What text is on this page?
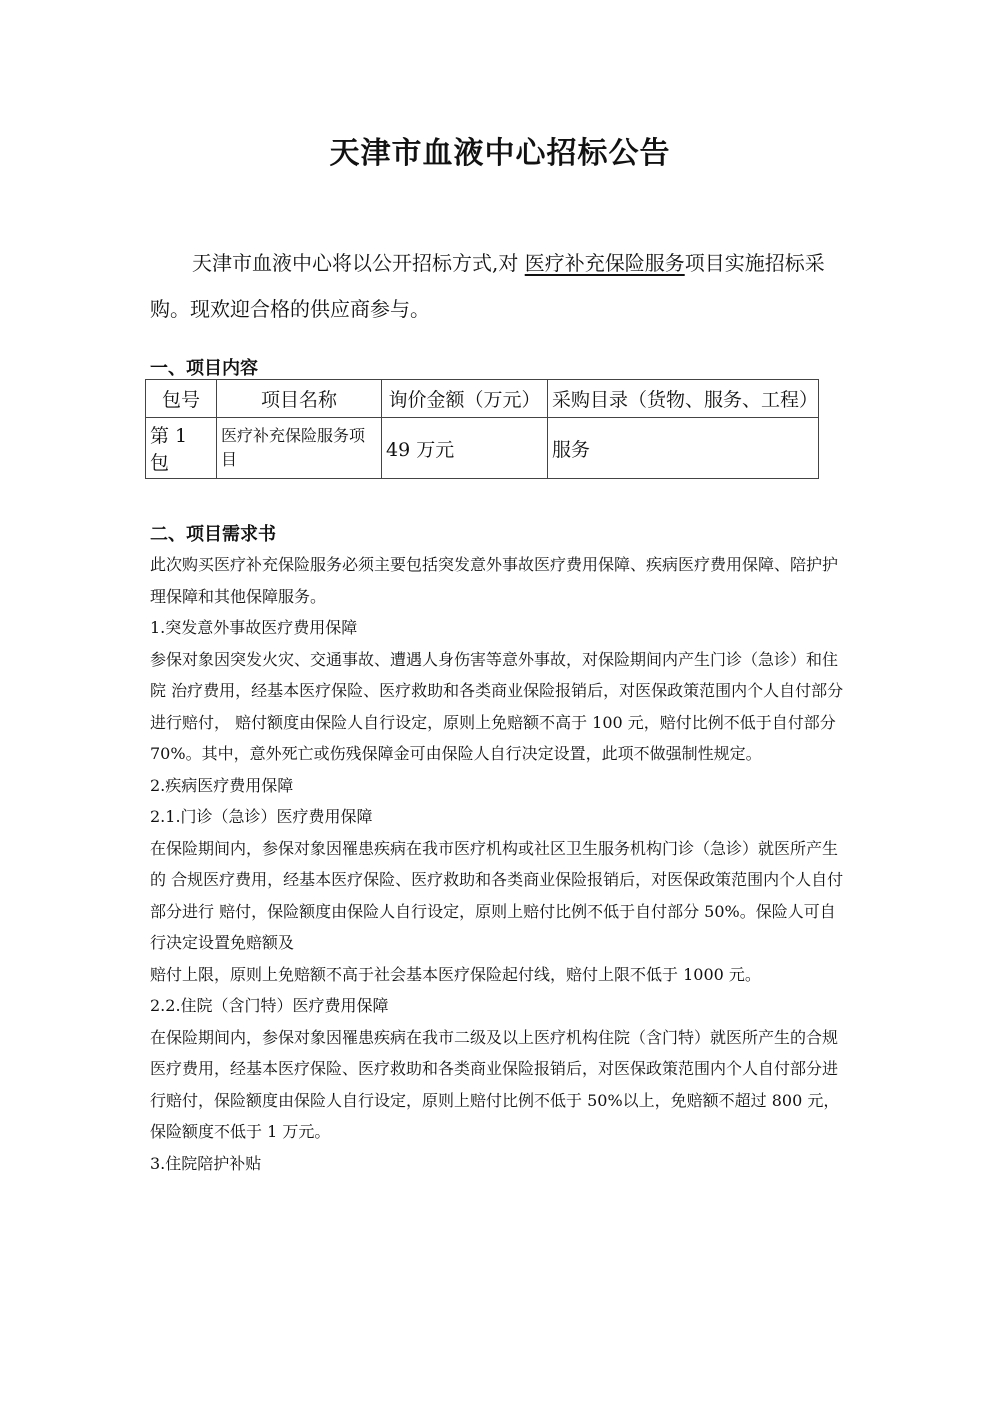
天津市血液中心招标公告

天津市血液中心将以公开招标方式,对 医疗补充保险服务项目实施招标采购。现欢迎合格的供应商参与。

一、项目内容
包号	项目名称	询价金额（万元）	采购目录（货物、服务、工程）
第 1 包	医疗补充保险服务项目	49 万元	服务
二、项目需求书

此次购买医疗补充保险服务必须主要包括突发意外事故医疗费用保障、疾病医疗费用保障、陪护护理保障和其他保障服务。

1.突发意外事故医疗费用保障

参保对象因突发火灾、交通事故、遭遇人身伤害等意外事故，对保险期间内产生门诊（急诊）和住院 治疗费用，经基本医疗保险、医疗救助和各类商业保险报销后，对医保政策范围内个人自付部分进行赔付， 赔付额度由保险人自行设定，原则上免赔额不高于 100 元，赔付比例不低于自付部分 70%。其中，意外死亡或伤残保障金可由保险人自行决定设置，此项不做强制性规定。

2.疾病医疗费用保障

2.1.门诊（急诊）医疗费用保障

在保险期间内，参保对象因罹患疾病在我市医疗机构或社区卫生服务机构门诊（急诊）就医所产生的 合规医疗费用，经基本医疗保险、医疗救助和各类商业保险报销后，对医保政策范围内个人自付部分进行 赔付，保险额度由保险人自行设定，原则上赔付比例不低于自付部分 50%。保险人可自行决定设置免赔额及

赔付上限，原则上免赔额不高于社会基本医疗保险起付线，赔付上限不低于 1000 元。

2.2.住院（含门特）医疗费用保障

在保险期间内，参保对象因罹患疾病在我市二级及以上医疗机构住院（含门特）就医所产生的合规医疗费用，经基本医疗保险、医疗救助和各类商业保险报销后，对医保政策范围内个人自付部分进行赔付，保险额度由保险人自行设定，原则上赔付比例不低于 50%以上，免赔额不超过 800 元，保险额度不低于 1 万元。

3.住院陪护补贴
